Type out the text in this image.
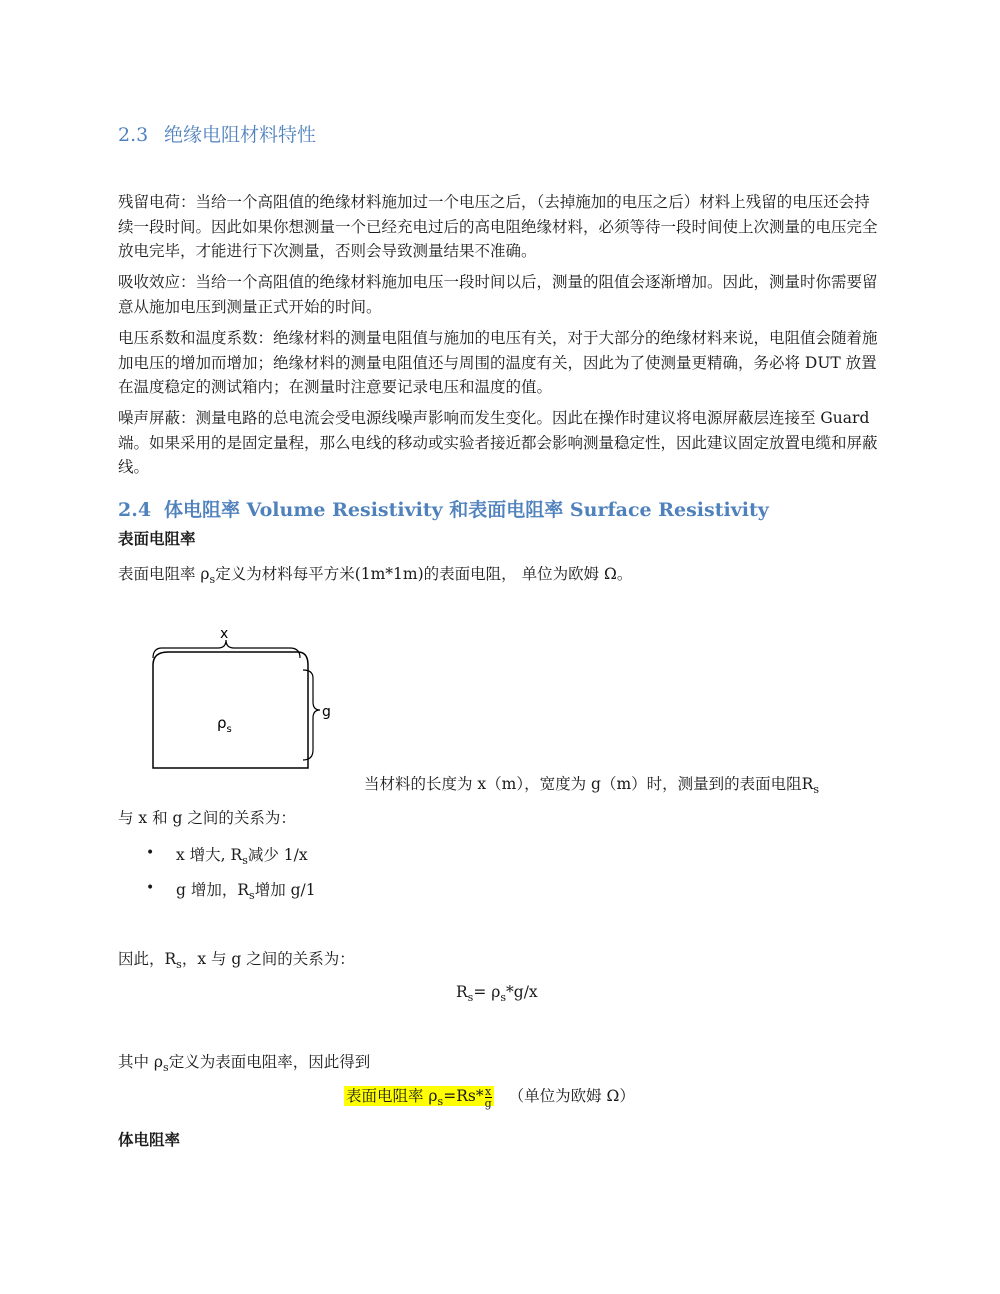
2.3 绝缘电阻材料特性

残留电荷：当给一个高阻值的绝缘材料施加过一个电压之后，（去掉施加的电压之后）材料上残留的电压还会持续一段时间。因此如果你想测量一个已经充电过后的高电阻绝缘材料，必须等待一段时间使上次测量的电压完全放电完毕，才能进行下次测量，否则会导致测量结果不准确。

吸收效应：当给一个高阻值的绝缘材料施加电压一段时间以后，测量的阻值会逐渐增加。因此，测量时你需要留意从施加电压到测量正式开始的时间。

电压系数和温度系数：绝缘材料的测量电阻值与施加的电压有关，对于大部分的绝缘材料来说，电阻值会随着施加电压的增加而增加；绝缘材料的测量电阻值还与周围的温度有关，因此为了使测量更精确，务必将 DUT 放置在温度稳定的测试箱内；在测量时注意要记录电压和温度的值。

噪声屏蔽：测量电路的总电流会受电源线噪声影响而发生变化。因此在操作时建议将电源屏蔽层连接至 Guard 端。如果采用的是固定量程，那么电线的移动或实验者接近都会影响测量稳定性，因此建议固定放置电缆和屏蔽线。

2.4 体电阻率 Volume Resistivity 和表面电阻率 Surface Resistivity
表面电阻率
表面电阻率 $\rho_s$定义为材料每平方米(1m*1m)的表面电阻， 单位为欧姆 Ω。
x
g
$\rho_s$
当材料的长度为 x（m），宽度为 g（m）时，测量到的表面电阻$R_s$
与 x 和 g 之间的关系为：
• x 增大, $R_s$减少 1/x
• g 增加，$R_s$增加 g/1
因此，$R_s$，x 与 g 之间的关系为：
$R_s= \rho_s*g/x$
其中 $\rho_s$定义为表面电阻率，因此得到
表面电阻率 $\rho_s=Rs* \frac{x}{g}$ （单位为欧姆 Ω）
体电阻率
